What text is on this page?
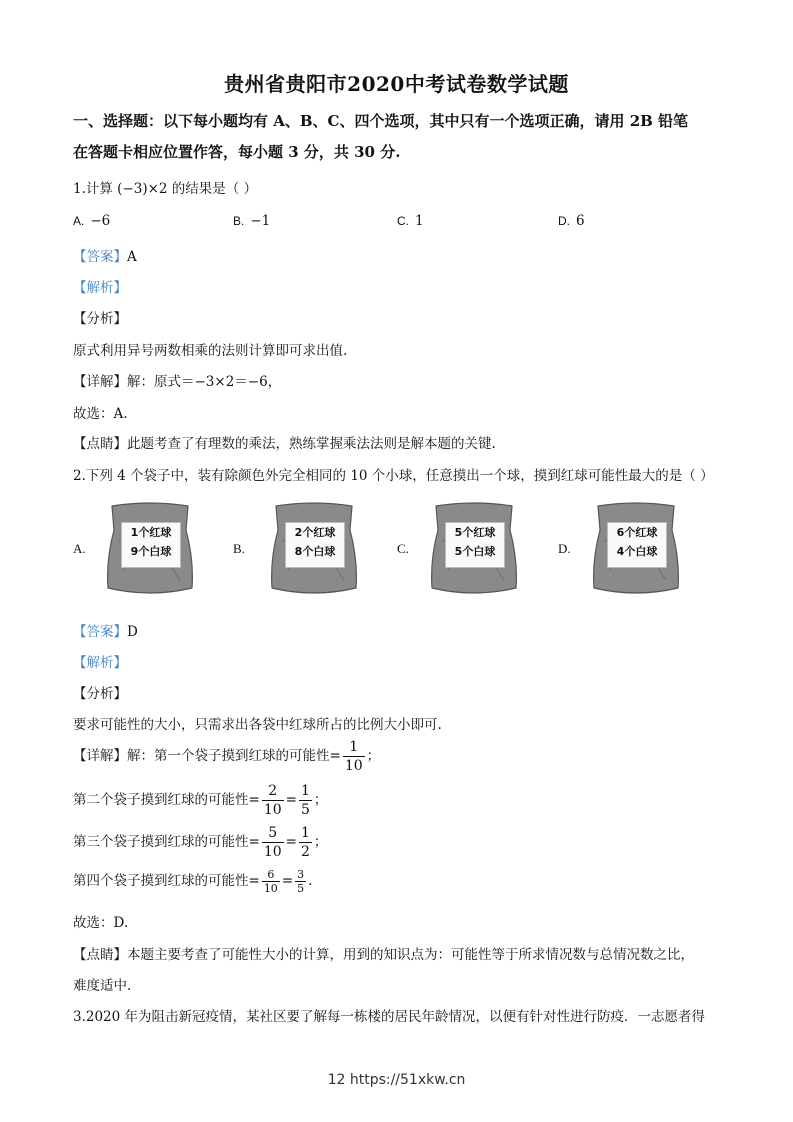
贵州省贵阳市2020中考试卷数学试题
一、选择题：以下每小题均有 A、B、C、四个选项，其中只有一个选项正确，请用 2B 铅笔
在答题卡相应位置作答，每小题 3 分，共 30 分.
1.计算 (−3)×2 的结果是（ ）
A. −6	B. −1	C. 1	D. 6
【答案】A
【解析】
【分析】
原式利用异号两数相乘的法则计算即可求出值.
【详解】解：原式＝−3×2＝−6，
故选：A.
【点睛】此题考查了有理数的乘法，熟练掌握乘法法则是解本题的关键.
2.下列 4 个袋子中，装有除颜色外完全相同的 10 个小球，任意摸出一个球，摸到红球可能性最大的是（ ）
A.
1个红球
9个白球	B.
2个红球
8个白球	C.
5个红球
5个白球	D.
6个红球
4个白球
【答案】D
【解析】
【分析】
要求可能性的大小，只需求出各袋中红球所占的比例大小即可.
【详解】解：第一个袋子摸到红球的可能性= $\frac{1}{10}$ ；
第二个袋子摸到红球的可能性= $\frac{2}{10} = \frac{1}{5}$ ；
第三个袋子摸到红球的可能性= $\frac{5}{10} = \frac{1}{2}$ ；
第四个袋子摸到红球的可能性= $\frac{6}{10} = \frac{3}{5}$ .
故选：D.
【点睛】本题主要考查了可能性大小的计算，用到的知识点为：可能性等于所求情况数与总情况数之比，
难度适中.
3.2020 年为阻击新冠疫情，某社区要了解每一栋楼的居民年龄情况，以便有针对性进行防疫．一志愿者得
12 https://51xkw.cn
